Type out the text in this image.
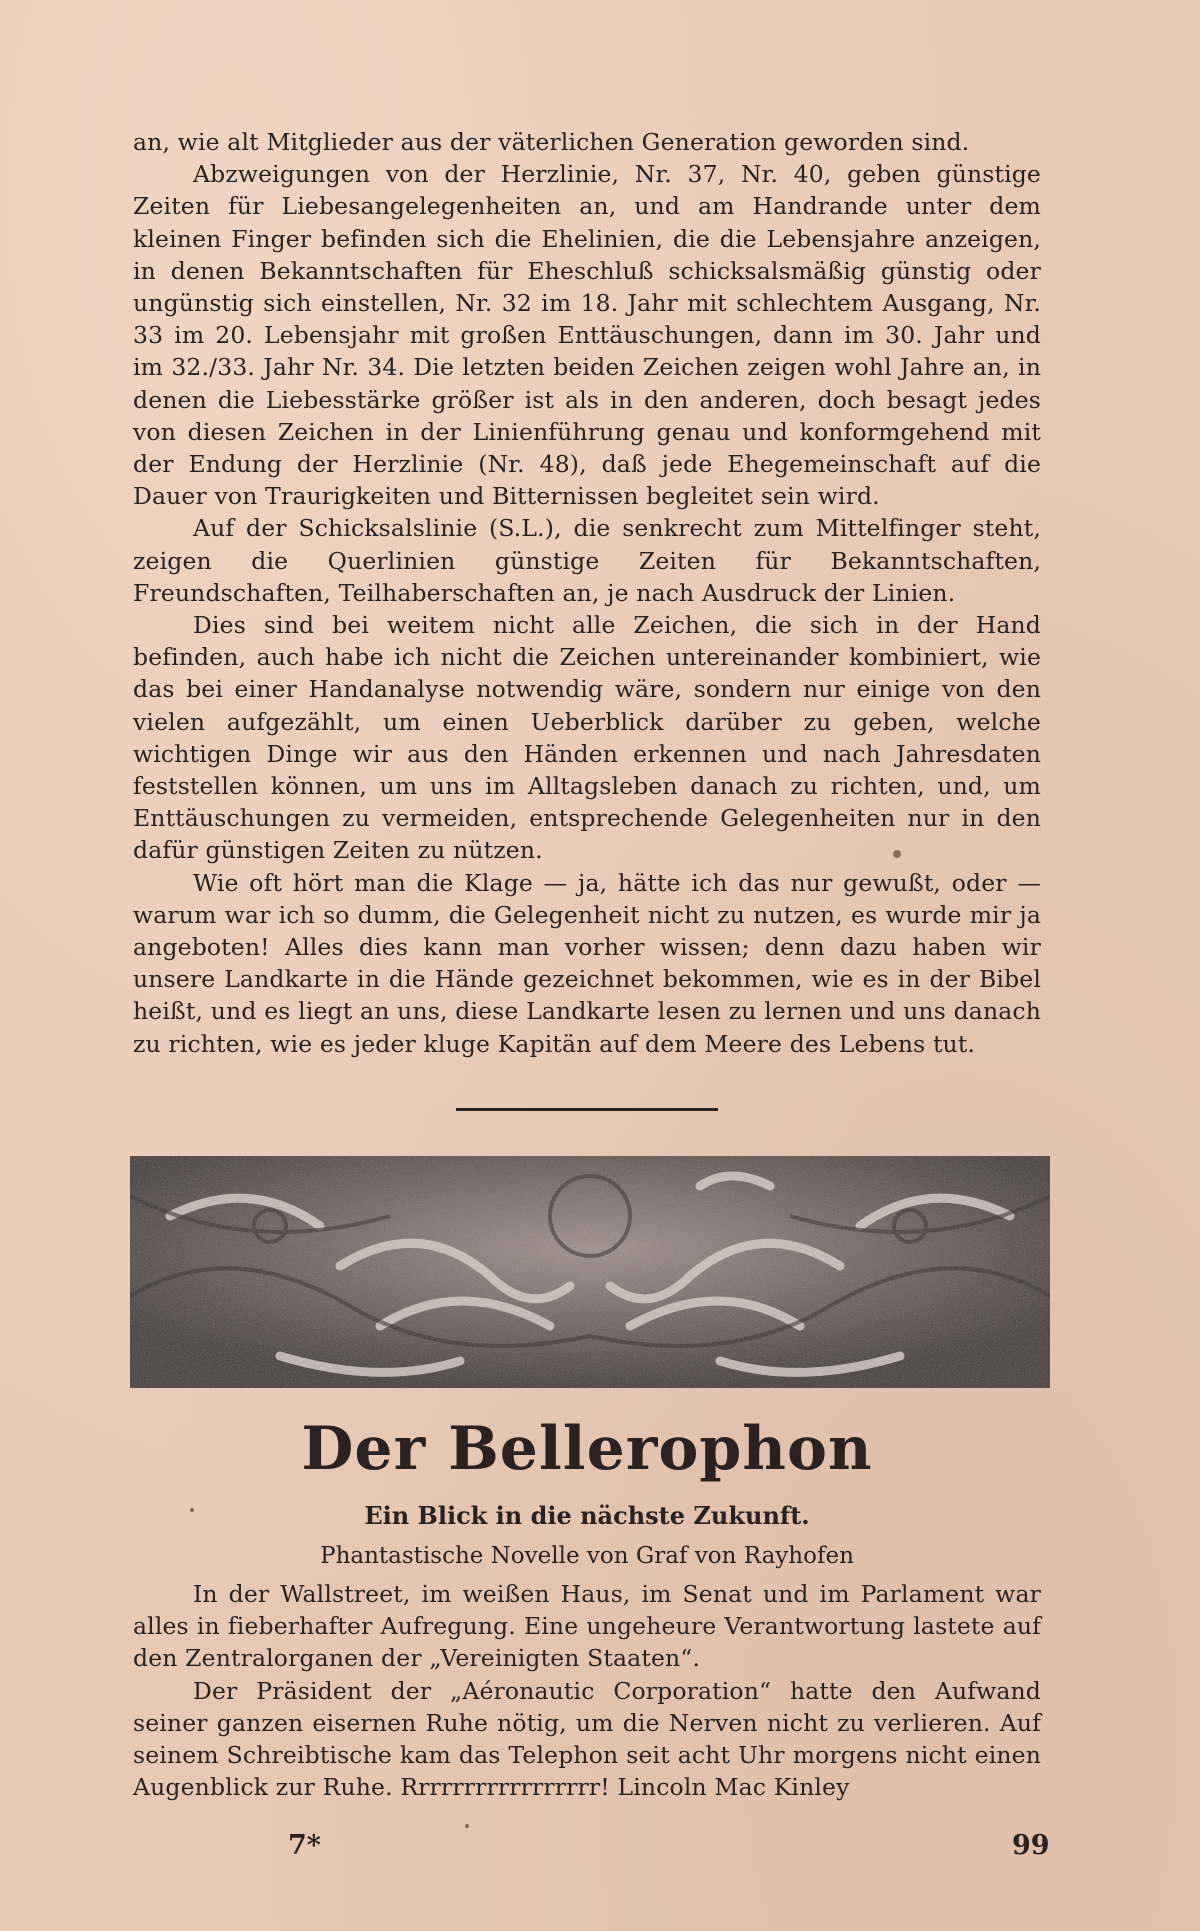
an, wie alt Mitglieder aus der väterlichen Generation geworden sind.

Abzweigungen von der Herzlinie, Nr. 37, Nr. 40, geben günstige Zeiten für Liebesangelegenheiten an, und am Handrande unter dem kleinen Finger befinden sich die Ehelinien, die die Lebensjahre anzeigen, in denen Bekanntschaften für Eheschluß schicksalsmäßig günstig oder ungünstig sich einstellen, Nr. 32 im 18. Jahr mit schlechtem Ausgang, Nr. 33 im 20. Lebensjahr mit großen Enttäuschungen, dann im 30. Jahr und im 32./33. Jahr Nr. 34. Die letzten beiden Zeichen zeigen wohl Jahre an, in denen die Liebesstärke größer ist als in den anderen, doch besagt jedes von diesen Zeichen in der Linienführung genau und konformgehend mit der Endung der Herzlinie (Nr. 48), daß jede Ehegemeinschaft auf die Dauer von Traurigkeiten und Bitternissen begleitet sein wird.

Auf der Schicksalslinie (S.L.), die senkrecht zum Mittelfinger steht, zeigen die Querlinien günstige Zeiten für Bekanntschaften, Freundschaften, Teilhaberschaften an, je nach Ausdruck der Linien.

Dies sind bei weitem nicht alle Zeichen, die sich in der Hand befinden, auch habe ich nicht die Zeichen untereinander kombiniert, wie das bei einer Handanalyse notwendig wäre, sondern nur einige von den vielen aufgezählt, um einen Ueberblick darüber zu geben, welche wichtigen Dinge wir aus den Händen erkennen und nach Jahresdaten feststellen können, um uns im Alltagsleben danach zu richten, und, um Enttäuschungen zu vermeiden, entsprechende Gelegenheiten nur in den dafür günstigen Zeiten zu nützen.

Wie oft hört man die Klage — ja, hätte ich das nur gewußt, oder — warum war ich so dumm, die Gelegenheit nicht zu nutzen, es wurde mir ja angeboten! Alles dies kann man vorher wissen; denn dazu haben wir unsere Landkarte in die Hände gezeichnet bekommen, wie es in der Bibel heißt, und es liegt an uns, diese Landkarte lesen zu lernen und uns danach zu richten, wie es jeder kluge Kapitän auf dem Meere des Lebens tut.

Der Bellerophon

Ein Blick in die nächste Zukunft.

Phantastische Novelle von Graf von Rayhofen

In der Wallstreet, im weißen Haus, im Senat und im Parlament war alles in fieberhafter Aufregung. Eine ungeheure Verantwortung lastete auf den Zentralorganen der „Vereinigten Staaten“.

Der Präsident der „Aéronautic Corporation“ hatte den Aufwand seiner ganzen eisernen Ruhe nötig, um die Nerven nicht zu verlieren. Auf seinem Schreibtische kam das Telephon seit acht Uhr morgens nicht einen Augenblick zur Ruhe. Rrrrrrrrrrrrrrrrr! Lincoln Mac Kinley

7*	99
